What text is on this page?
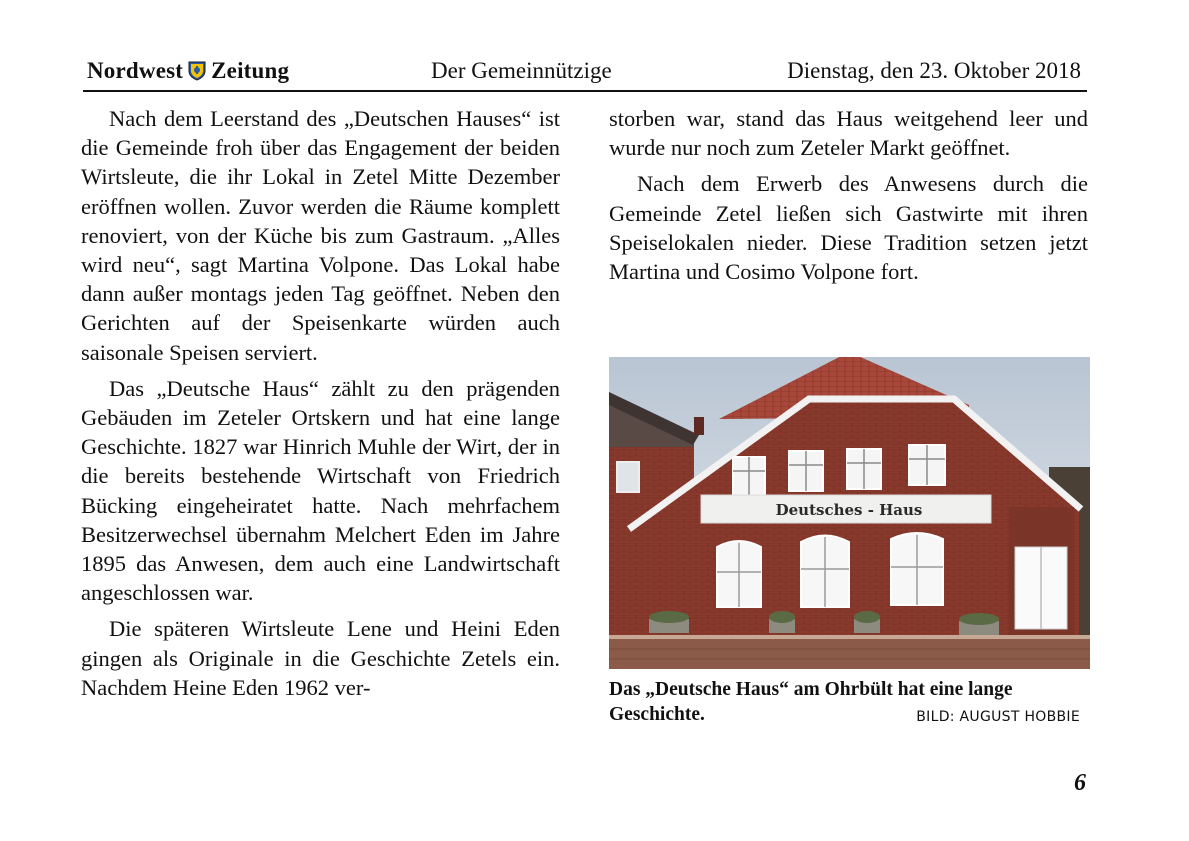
Nordwest Zeitung	Der Gemeinnützige	Dienstag, den 23. Oktober 2018

Nach dem Leerstand des „Deutschen Hauses“ ist die Gemeinde froh über das Engagement der beiden Wirtsleute, die ihr Lokal in Zetel Mitte Dezember eröffnen wollen. Zuvor werden die Räume komplett renoviert, von der Küche bis zum Gastraum. „Alles wird neu“, sagt Martina Volpone. Das Lokal habe dann außer montags jeden Tag geöffnet. Neben den Gerichten auf der Speisenkarte würden auch saisonale Speisen serviert.

Das „Deutsche Haus“ zählt zu den prägenden Gebäuden im Zeteler Ortskern und hat eine lange Geschichte. 1827 war Hinrich Muhle der Wirt, der in die bereits bestehende Wirtschaft von Friedrich Bücking eingeheiratet hatte. Nach mehrfachem Besitzerwechsel übernahm Melchert Eden im Jahre 1895 das Anwesen, dem auch eine Landwirtschaft angeschlossen war.

Die späteren Wirtsleute Lene und Heini Eden gingen als Originale in die Geschichte Zetels ein. Nachdem Heine Eden 1962 ver-

storben war, stand das Haus weitgehend leer und wurde nur noch zum Zeteler Markt geöffnet.

Nach dem Erwerb des Anwesens durch die Gemeinde Zetel ließen sich Gastwirte mit ihren Speiselokalen nieder. Diese Tradition setzen jetzt Martina und Cosimo Volpone fort.

Deutsches - Haus
Das „Deutsche Haus“ am Ohrbült hat eine lange
Geschichte.	BILD: AUGUST HOBBIE
6
